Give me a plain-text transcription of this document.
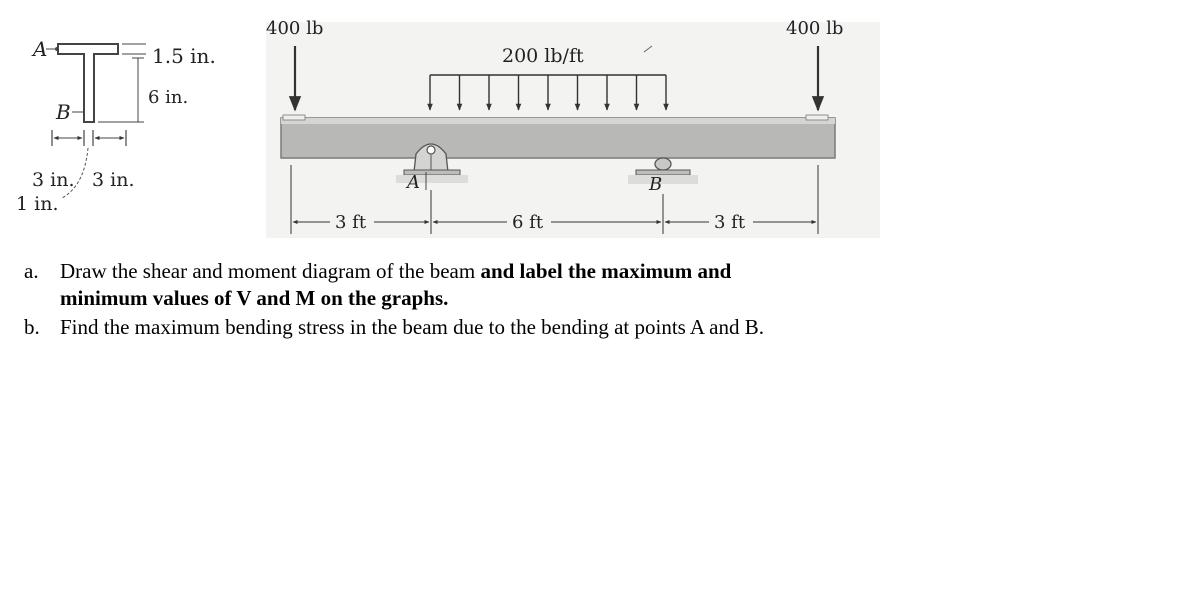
A	1.5 in.
6 in.
B
3 in. 3 in.
1 in.
400 lb	400 lb
200 lb/ft
A	B
3 ft	6 ft	3 ft
a. Draw the shear and moment diagram of the beam and label the maximum and
minimum values of V and M on the graphs.
b. Find the maximum bending stress in the beam due to the bending at points A and B.
